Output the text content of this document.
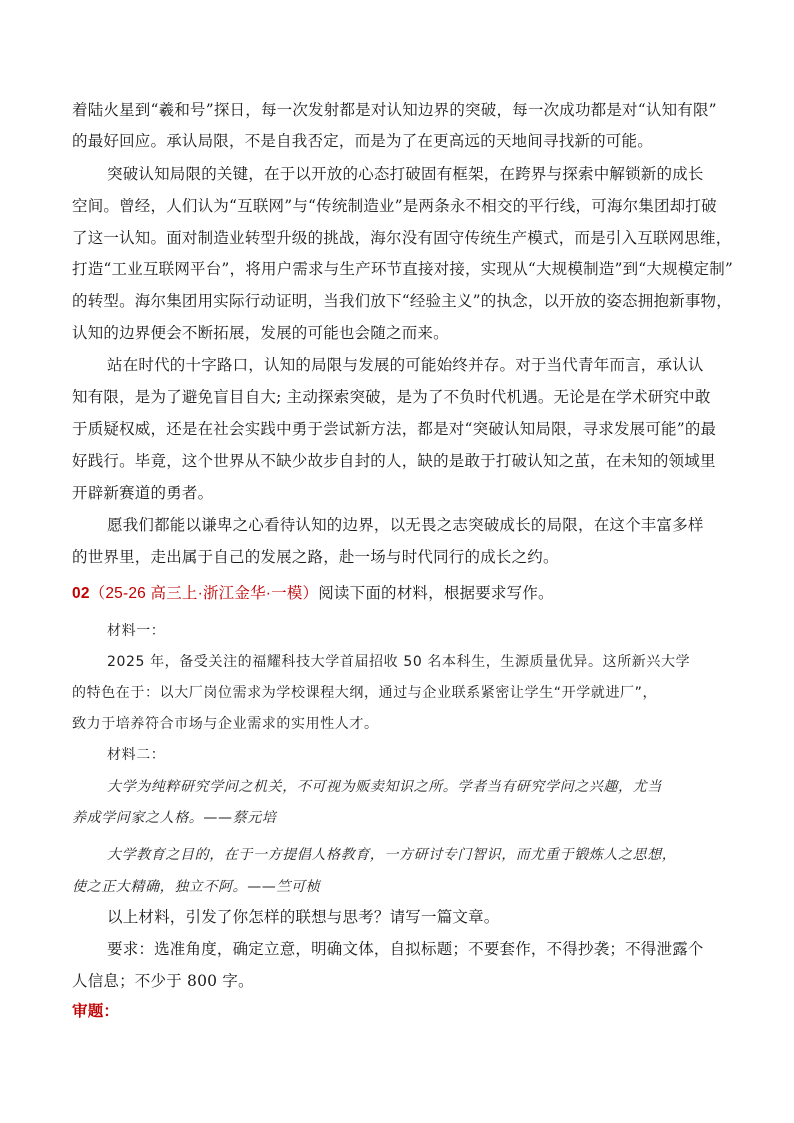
着陆火星到“羲和号”探日，每一次发射都是对认知边界的突破，每一次成功都是对“认知有限”
的最好回应。承认局限，不是自我否定，而是为了在更高远的天地间寻找新的可能。
突破认知局限的关键，在于以开放的心态打破固有框架，在跨界与探索中解锁新的成长
空间。曾经，人们认为“互联网”与“传统制造业”是两条永不相交的平行线，可海尔集团却打破
了这一认知。面对制造业转型升级的挑战，海尔没有固守传统生产模式，而是引入互联网思维，
打造“工业互联网平台”，将用户需求与生产环节直接对接，实现从“大规模制造”到“大规模定制”
的转型。海尔集团用实际行动证明，当我们放下“经验主义”的执念，以开放的姿态拥抱新事物，
认知的边界便会不断拓展，发展的可能也会随之而来。
站在时代的十字路口，认知的局限与发展的可能始终并存。对于当代青年而言，承认认
知有限，是为了避免盲目自大; 主动探索突破，是为了不负时代机遇。无论是在学术研究中敢
于质疑权威，还是在社会实践中勇于尝试新方法，都是对“突破认知局限，寻求发展可能”的最
好践行。毕竟，这个世界从不缺少故步自封的人，缺的是敢于打破认知之茧，在未知的领域里
开辟新赛道的勇者。
愿我们都能以谦卑之心看待认知的边界，以无畏之志突破成长的局限，在这个丰富多样
的世界里，走出属于自己的发展之路，赴一场与时代同行的成长之约。
02（25-26 高三上·浙江金华·一模）阅读下面的材料，根据要求写作。
材料一：
2025 年，备受关注的福耀科技大学首届招收 50 名本科生，生源质量优异。这所新兴大学
的特色在于：以大厂岗位需求为学校课程大纲，通过与企业联系紧密让学生“开学就进厂”，
致力于培养符合市场与企业需求的实用性人才。
材料二：
大学为纯粹研究学问之机关，不可视为贩卖知识之所。学者当有研究学问之兴趣，尤当
养成学问家之人格。——蔡元培
大学教育之目的，在于一方提倡人格教育，一方研讨专门智识，而尤重于锻炼人之思想，
使之正大精确，独立不阿。——竺可桢
以上材料，引发了你怎样的联想与思考？请写一篇文章。
要求：选准角度，确定立意，明确文体，自拟标题；不要套作，不得抄袭；不得泄露个
人信息；不少于 800 字。
审题：
